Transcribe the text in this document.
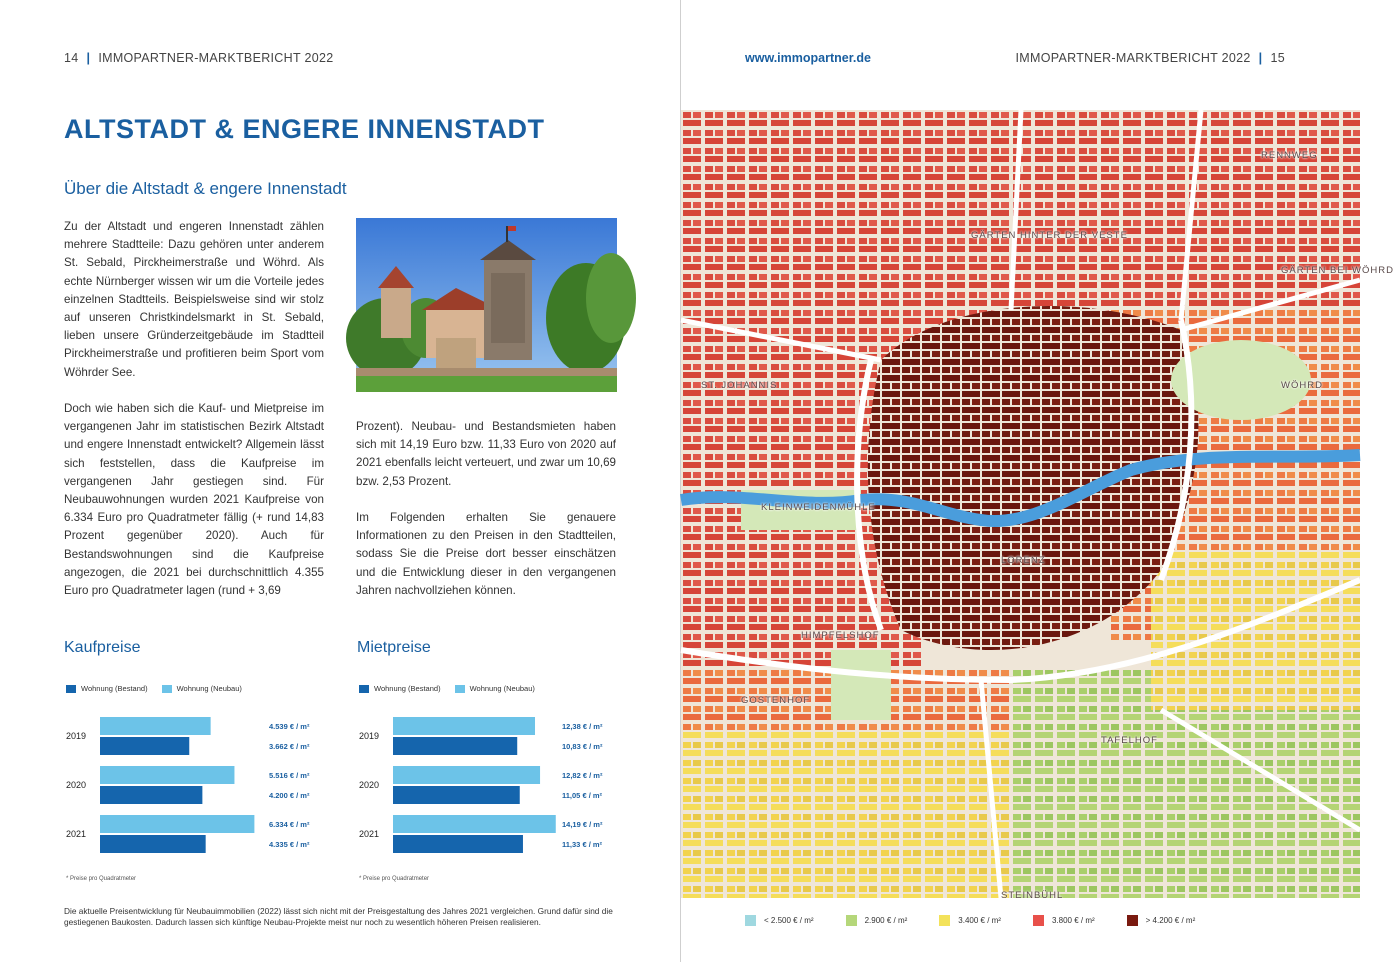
14 | IMMOPARTNER-MARKTBERICHT 2022
ALTSTADT & ENGERE INNENSTADT
Über die Altstadt & engere Innenstadt

Zu der Altstadt und engeren Innenstadt zählen mehrere Stadtteile: Dazu gehören unter anderem St. Sebald, Pirckheimerstraße und Wöhrd. Als echte Nürnberger wissen wir um die Vorteile jedes einzelnen Stadtteils. Beispielsweise sind wir stolz auf unseren Christkindelsmarkt in St. Sebald, lieben unsere Gründerzeitgebäude im Stadtteil Pirckheimerstraße und profitieren beim Sport vom Wöhrder See.

Doch wie haben sich die Kauf- und Mietpreise im vergangenen Jahr im statistischen Bezirk Altstadt und engere Innenstadt entwickelt? Allgemein lässt sich feststellen, dass die Kaufpreise im vergangenen Jahr gestiegen sind. Für Neubauwohnungen wurden 2021 Kaufpreise von 6.334 Euro pro Quadratmeter fällig (+ rund 14,83 Prozent gegenüber 2020). Auch für Bestandswohnungen sind die Kaufpreise angezogen, die 2021 bei durchschnittlich 4.355 Euro pro Quadratmeter lagen (rund + 3,69

Prozent). Neubau- und Bestandsmieten haben sich mit 14,19 Euro bzw. 11,33 Euro von 2020 auf 2021 ebenfalls leicht verteuert, und zwar um 10,69 bzw. 2,53 Prozent.

Im Folgenden erhalten Sie genauere Informationen zu den Preisen in den Stadtteilen, sodass Sie die Preise dort besser einschätzen und die Entwicklung dieser in den vergangenen Jahren nachvollziehen können.

Kaufpreise
Wohnung (Bestand)	Wohnung (Neubau)
2019
4.539 € / m²
3.662 € / m²
2020
5.516 € / m²
4.200 € / m²
2021
6.334 € / m²
4.335 € / m²
* Preise pro Quadratmeter
Mietpreise
Wohnung (Bestand)	Wohnung (Neubau)
2019
12,38 € / m²
10,83 € / m²
2020
12,82 € / m²
11,05 € / m²
2021
14,19 € / m²
11,33 € / m²
* Preise pro Quadratmeter
Die aktuelle Preisentwicklung für Neubauimmobilien (2022) lässt sich nicht mit der Preisgestaltung des Jahres 2021 vergleichen. Grund dafür sind die gestiegenen Baukosten. Dadurch lassen sich künftige Neubau-Projekte meist nur noch zu wesentlich höheren Preisen realisieren.
www.immopartner.de	IMMOPARTNER-MARKTBERICHT 2022 | 15
RENNWEG
GÄRTEN HINTER DER VESTE
GÄRTEN BEI WÖHRD
WÖHRD
KLEINWEIDENMÜHLE
LORENZ
HIMPFELSHOF
GOSTENHOF
TAFELHOF
STEINBÜHL
ST. JOHANNIS
< 2.500 € / m²	2.900 € / m²	3.400 € / m²	3.800 € / m²	> 4.200 € / m²
